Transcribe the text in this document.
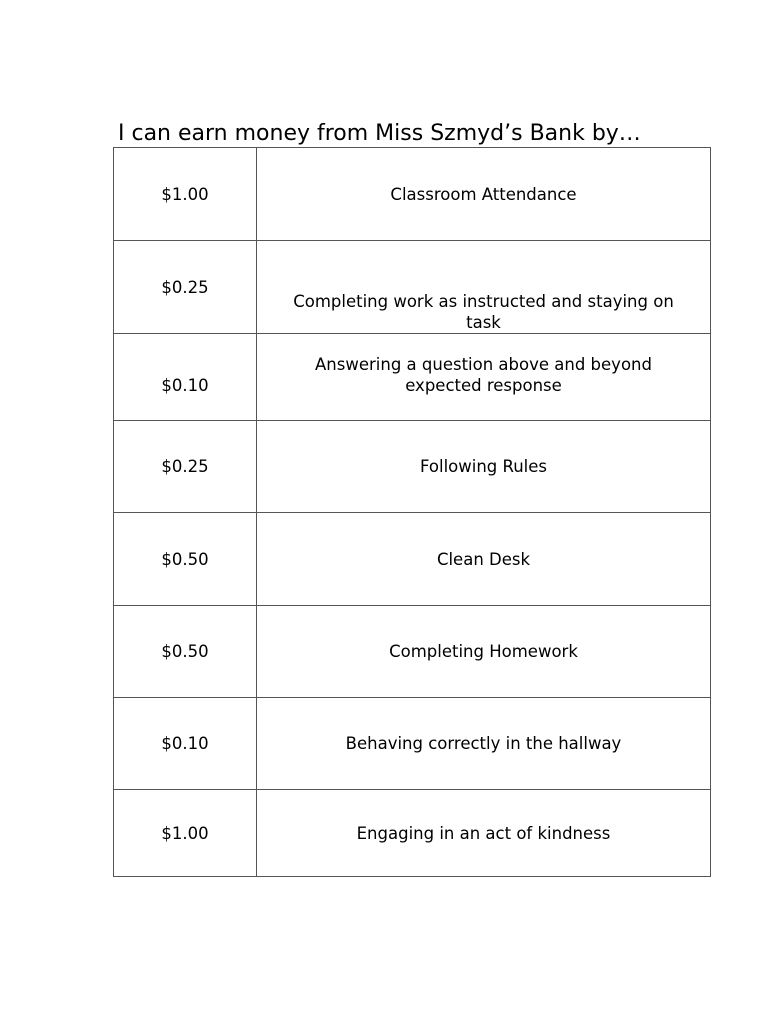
I can earn money from Miss Szmyd’s Bank by…
$1.00	Classroom Attendance
$0.25	Completing work as instructed and staying on task
$0.10	Answering a question above and beyond expected response
$0.25	Following Rules
$0.50	Clean Desk
$0.50	Completing Homework
$0.10	Behaving correctly in the hallway
$1.00	Engaging in an act of kindness
